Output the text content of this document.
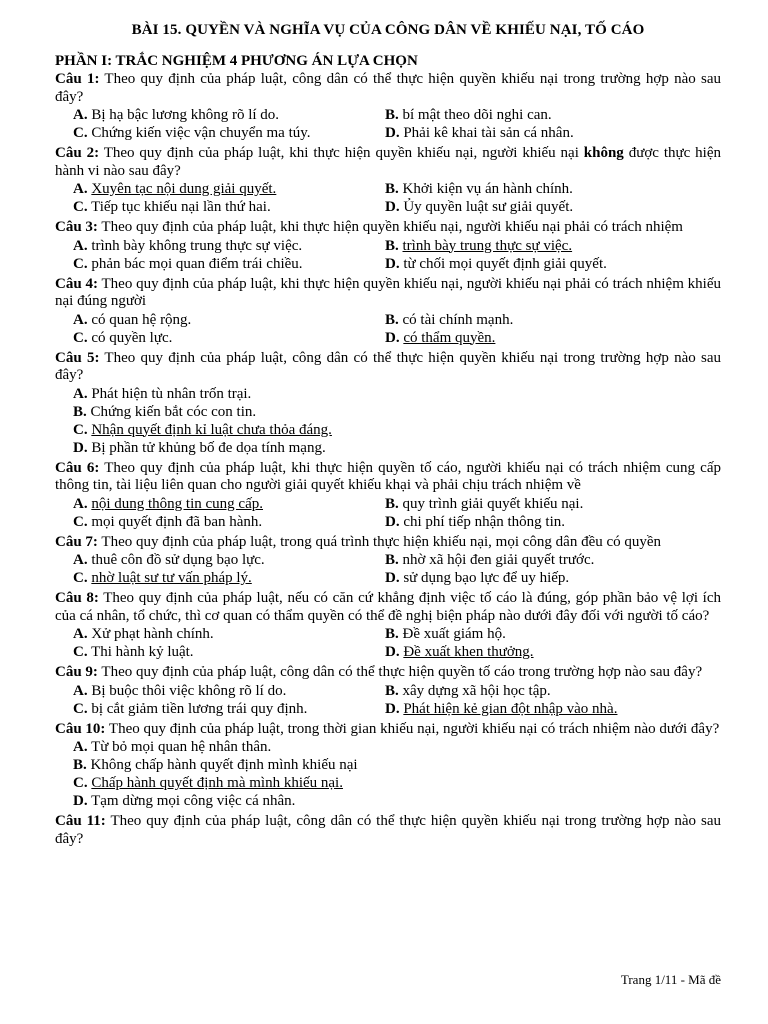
BÀI 15. QUYỀN VÀ NGHĨA VỤ CỦA CÔNG DÂN VỀ KHIẾU NẠI, TỐ CÁO
PHẦN I: TRẮC NGHIỆM 4 PHƯƠNG ÁN LỰA CHỌN
Câu 1: Theo quy định của pháp luật, công dân có thể thực hiện quyền khiếu nại trong trường hợp nào sau đây?
A. Bị hạ bậc lương không rõ lí do.	B. bí mật theo dõi nghi can.
C. Chứng kiến việc vận chuyển ma túy.	D. Phải kê khai tài sản cá nhân.
Câu 2: Theo quy định của pháp luật, khi thực hiện quyền khiếu nại, người khiếu nại không được thực hiện hành vi nào sau đây?
A. Xuyên tạc nội dung giải quyết.	B. Khởi kiện vụ án hành chính.
C. Tiếp tục khiếu nại lần thứ hai.	D. Ủy quyền luật sư giải quyết.
Câu 3: Theo quy định của pháp luật, khi thực hiện quyền khiếu nại, người khiếu nại phải có trách nhiệm
A. trình bày không trung thực sự việc.	B. trình bày trung thực sự việc.
C. phản bác mọi quan điểm trái chiều.	D. từ chối mọi quyết định giải quyết.
Câu 4: Theo quy định của pháp luật, khi thực hiện quyền khiếu nại, người khiếu nại phải có trách nhiệm khiếu nại đúng người
A. có quan hệ rộng.	B. có tài chính mạnh.
C. có quyền lực.	D. có thẩm quyền.
Câu 5: Theo quy định của pháp luật, công dân có thể thực hiện quyền khiếu nại trong trường hợp nào sau đây?
A. Phát hiện tù nhân trốn trại.
B. Chứng kiến bắt cóc con tin.
C. Nhận quyết định kỉ luật chưa thỏa đáng.
D. Bị phần tử khủng bố đe dọa tính mạng.
Câu 6: Theo quy định của pháp luật, khi thực hiện quyền tố cáo, người khiếu nại có trách nhiệm cung cấp thông tin, tài liệu liên quan cho người giải quyết khiếu khại và phải chịu trách nhiệm về
A. nội dung thông tin cung cấp.	B. quy trình giải quyết khiếu nại.
C. mọi quyết định đã ban hành.	D. chi phí tiếp nhận thông tin.
Câu 7: Theo quy định của pháp luật, trong quá trình thực hiện khiếu nại, mọi công dân đều có quyền
A. thuê côn đồ sử dụng bạo lực.	B. nhờ xã hội đen giải quyết trước.
C. nhờ luật sư tư vấn pháp lý.	D. sử dụng bạo lực để uy hiếp.
Câu 8: Theo quy định của pháp luật, nếu có căn cứ khẳng định việc tố cáo là đúng, góp phần bảo vệ lợi ích của cá nhân, tổ chức, thì cơ quan có thẩm quyền có thể đề nghị biện pháp nào dưới đây đối với người tố cáo?
A. Xử phạt hành chính.	B. Đề xuất giám hộ.
C. Thi hành kỷ luật.	D. Đề xuất khen thưởng.
Câu 9: Theo quy định của pháp luật, công dân có thể thực hiện quyền tố cáo trong trường hợp nào sau đây?
A. Bị buộc thôi việc không rõ lí do.	B. xây dựng xã hội học tập.
C. bị cắt giảm tiền lương trái quy định.	D. Phát hiện kẻ gian đột nhập vào nhà.
Câu 10: Theo quy định của pháp luật, trong thời gian khiếu nại, người khiếu nại có trách nhiệm nào dưới đây?
A. Từ bỏ mọi quan hệ nhân thân.
B. Không chấp hành quyết định mình khiếu nại
C. Chấp hành quyết định mà mình khiếu nại.
D. Tạm dừng mọi công việc cá nhân.
Câu 11: Theo quy định của pháp luật, công dân có thể thực hiện quyền khiếu nại trong trường hợp nào sau đây?
Trang 1/11 - Mã đề
